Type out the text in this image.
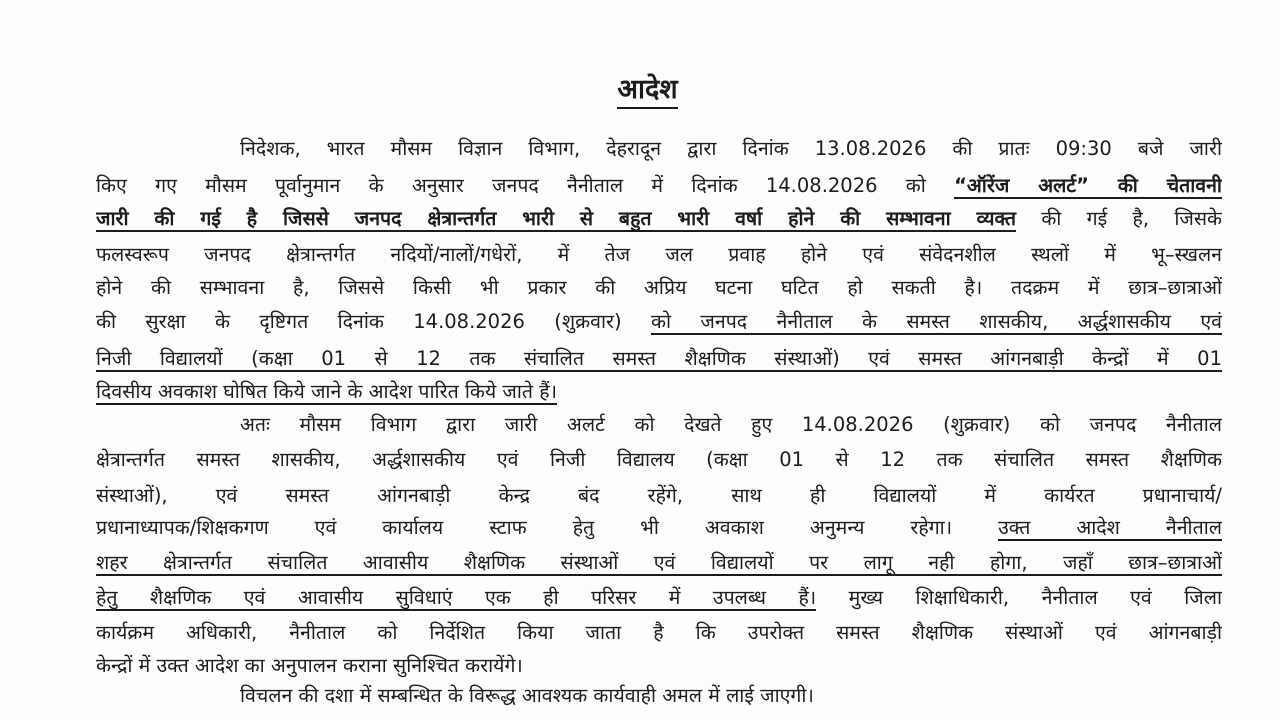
आदेश
निदेशक, भारत मौसम विज्ञान विभाग, देहरादून द्वारा दिनांक 13.08.2026 की प्रातः 09:30 बजे जारी
किए गए मौसम पूर्वानुमान के अनुसार जनपद नैनीताल में दिनांक 14.08.2026 को “ऑरेंज अलर्ट” की चेतावनी
जारी की गई है जिससे जनपद क्षेत्रान्तर्गत भारी से बहुत भारी वर्षा होने की सम्भावना व्यक्त की गई है, जिसके
फलस्वरूप जनपद क्षेत्रान्तर्गत नदियों/नालों/गधेरों, में तेज जल प्रवाह होने एवं संवेदनशील स्थलों में भू–स्खलन
होने की सम्भावना है, जिससे किसी भी प्रकार की अप्रिय घटना घटित हो सकती है। तदक्रम में छात्र–छात्राओं
की सुरक्षा के दृष्टिगत दिनांक 14.08.2026 (शुक्रवार) को जनपद नैनीताल के समस्त शासकीय, अर्द्धशासकीय एवं
निजी विद्यालयों (कक्षा 01 से 12 तक संचालित समस्त शैक्षणिक संस्थाओं) एवं समस्त आंगनबाड़ी केन्द्रों में 01
दिवसीय अवकाश घोषित किये जाने के आदेश पारित किये जाते हैं।
अतः मौसम विभाग द्वारा जारी अलर्ट को देखते हुए 14.08.2026 (शुक्रवार) को जनपद नैनीताल
क्षेत्रान्तर्गत समस्त शासकीय, अर्द्धशासकीय एवं निजी विद्यालय (कक्षा 01 से 12 तक संचालित समस्त शैक्षणिक
संस्थाओं), एवं समस्त आंगनबाड़ी केन्द्र बंद रहेंगे, साथ ही विद्यालयों में कार्यरत प्रधानाचार्य/
प्रधानाध्यापक/शिक्षकगण एवं कार्यालय स्टाफ हेतु भी अवकाश अनुमन्य रहेगा। उक्त आदेश नैनीताल
शहर क्षेत्रान्तर्गत संचालित आवासीय शैक्षणिक संस्थाओं एवं विद्यालयों पर लागू नही होगा, जहाँ छात्र–छात्राओं
हेतु शैक्षणिक एवं आवासीय सुविधाएं एक ही परिसर में उपलब्ध हैं। मुख्य शिक्षाधिकारी, नैनीताल एवं जिला
कार्यक्रम अधिकारी, नैनीताल को निर्देशित किया जाता है कि उपरोक्त समस्त शैक्षणिक संस्थाओं एवं आंगनबाड़ी
केन्द्रों में उक्त आदेश का अनुपालन कराना सुनिश्चित करायेंगे।
विचलन की दशा में सम्बन्धित के विरूद्ध आवश्यक कार्यवाही अमल में लाई जाएगी।
